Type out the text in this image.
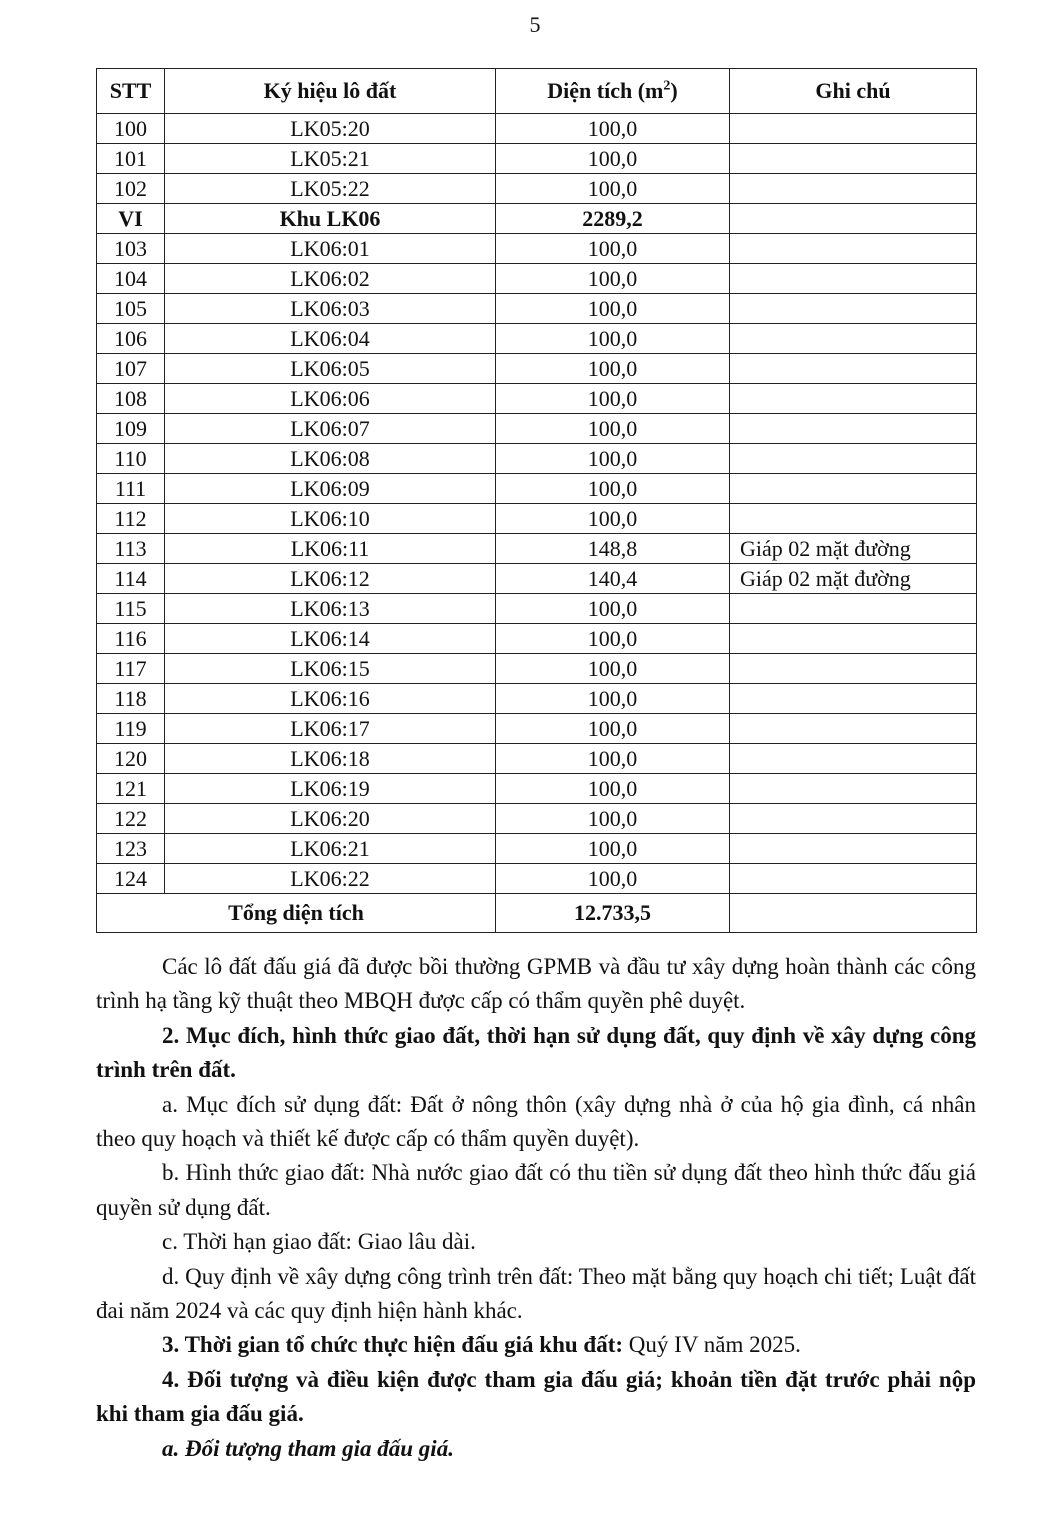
5
STT	Ký hiệu lô đất	Diện tích $(m^2)$	Ghi chú
100	LK05:20	100,0	
101	LK05:21	100,0	
102	LK05:22	100,0	
VI	Khu LK06	2289,2	
103	LK06:01	100,0	
104	LK06:02	100,0	
105	LK06:03	100,0	
106	LK06:04	100,0	
107	LK06:05	100,0	
108	LK06:06	100,0	
109	LK06:07	100,0	
110	LK06:08	100,0	
111	LK06:09	100,0	
112	LK06:10	100,0	
113	LK06:11	148,8	Giáp 02 mặt đường
114	LK06:12	140,4	Giáp 02 mặt đường
115	LK06:13	100,0	
116	LK06:14	100,0	
117	LK06:15	100,0	
118	LK06:16	100,0	
119	LK06:17	100,0	
120	LK06:18	100,0	
121	LK06:19	100,0	
122	LK06:20	100,0	
123	LK06:21	100,0	
124	LK06:22	100,0	
Tổng diện tích		12.733,5	

Các lô đất đấu giá đã được bồi thường GPMB và đầu tư xây dựng hoàn thành các công trình hạ tầng kỹ thuật theo MBQH được cấp có thẩm quyền phê duyệt.

2. Mục đích, hình thức giao đất, thời hạn sử dụng đất, quy định về xây dựng công trình trên đất.

a. Mục đích sử dụng đất: Đất ở nông thôn (xây dựng nhà ở của hộ gia đình, cá nhân theo quy hoạch và thiết kế được cấp có thẩm quyền duyệt).

b. Hình thức giao đất: Nhà nước giao đất có thu tiền sử dụng đất theo hình thức đấu giá quyền sử dụng đất.

c. Thời hạn giao đất: Giao lâu dài.

d. Quy định về xây dựng công trình trên đất: Theo mặt bằng quy hoạch chi tiết; Luật đất đai năm 2024 và các quy định hiện hành khác.

3. Thời gian tổ chức thực hiện đấu giá khu đất: Quý IV năm 2025.

4. Đối tượng và điều kiện được tham gia đấu giá; khoản tiền đặt trước phải nộp khi tham gia đấu giá.

a. Đối tượng tham gia đấu giá.
